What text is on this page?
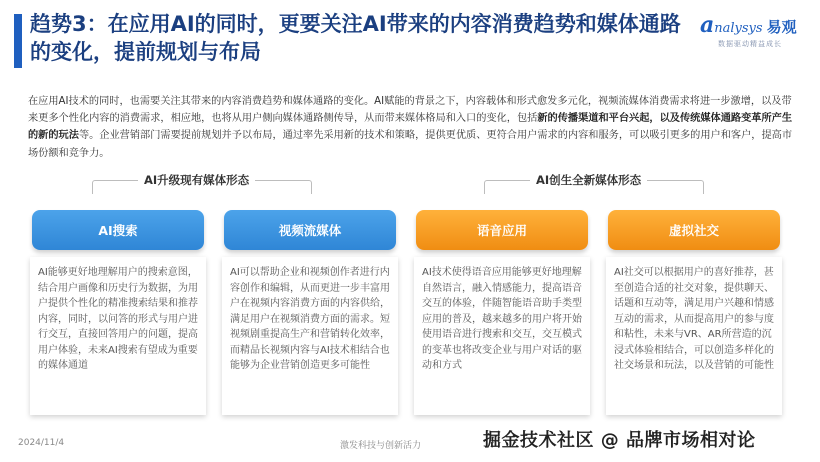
趋势3：在应用AI的同时，更要关注AI带来的内容消费趋势和媒体通路的变化，提前规划与布局
a nalysys 易观
数据驱动精益成长
在应用AI技术的同时，也需要关注其带来的内容消费趋势和媒体通路的变化。AI赋能的背景之下，内容载体和形式愈发多元化，视频流媒体消费需求将进一步激增，以及带来更多个性化内容的消费需求，相应地，也将从用户侧向媒体通路侧传导，从而带来媒体格局和入口的变化，包括新的传播渠道和平台兴起，以及传统媒体通路变革所产生的新的玩法等。企业营销部门需要提前规划并予以布局，通过率先采用新的技术和策略，提供更优质、更符合用户需求的内容和服务，可以吸引更多的用户和客户，提高市场份额和竞争力。
AI升级现有媒体形态	AI创生全新媒体形态
AI搜索	视频流媒体	语音应用	虚拟社交
AI能够更好地理解用户的搜索意图，结合用户画像和历史行为数据，为用户提供个性化的精准搜索结果和推荐内容，同时，以问答的形式与用户进行交互，直接回答用户的问题，提高用户体验，未来AI搜索有望成为重要的媒体通道
AI可以帮助企业和视频创作者进行内容创作和编辑，从而更进一步丰富用户在视频内容消费方面的内容供给，满足用户在视频消费方面的需求。短视频剧重提高生产和营销转化效率，而精品长视频内容与AI技术相结合也能够为企业营销创造更多可能性
AI技术使得语音应用能够更好地理解自然语言，融入情感能力，提高语音交互的体验，伴随智能语音助手类型应用的普及，越来越多的用户将开始使用语音进行搜索和交互，交互模式的变革也将改变企业与用户对话的驱动和方式
AI社交可以根据用户的喜好推荐，甚至创造合适的社交对象，提供聊天、话题和互动等，满足用户兴趣和情感互动的需求，从而提高用户的参与度和粘性，未来与VR、AR所营造的沉浸式体验相结合，可以创造多样化的社交场景和玩法，以及营销的可能性
2024/11/4	激发科技与创新活力	掘金技术社区 @ 品牌市场相对论
